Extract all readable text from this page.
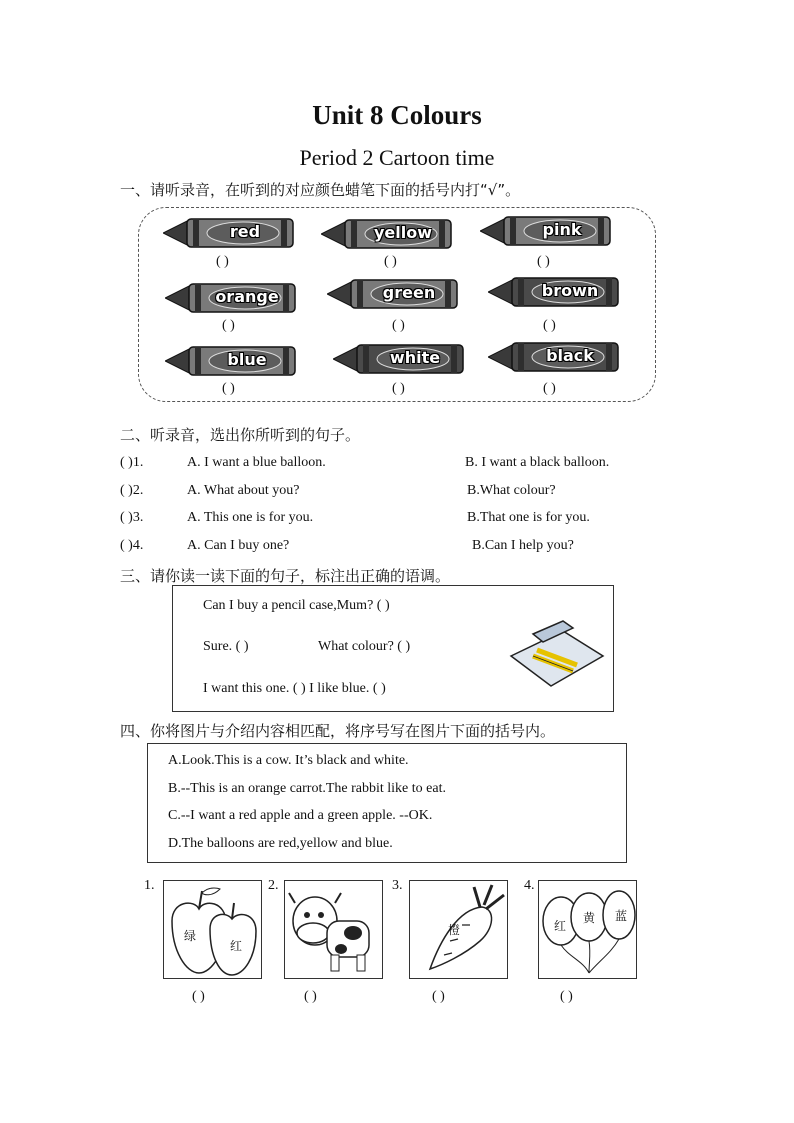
Unit 8 Colours
Period 2 Cartoon time
一、请听录音，在听到的对应颜色蜡笔下面的括号内打“√”。
二、听录音，选出你所听到的句子。
三、请你读一读下面的句子，标注出正确的语调。
Can I buy a pencil case,Mum? ( )
Sure. ( )	What colour? ( )
I want this one. ( ) I like blue. ( )
四、你将图片与介绍内容相匹配，将序号写在图片下面的括号内。
A.Look.This is a cow. It’s black and white.
B.--This is an orange carrot.The rabbit like to eat.
C.--I want a red apple and a green apple. --OK.
D.The balloons are red,yellow and blue.
1.
绿
红
( )
2.
( )
3.
橙
( )
4.
红
黄 蓝
( )
red
( )
yellow
( )
pink
( )
orange
( )
green
( )
brown
( )
blue
( )
white
( )
black
( )
( )1.	A. I want a blue balloon.	B. I want a black balloon.
( )2.	A. What about you?	B.What colour?
( )3.	A. This one is for you.	B.That one is for you.
( )4.	A. Can I buy one?	B.Can I help you?
